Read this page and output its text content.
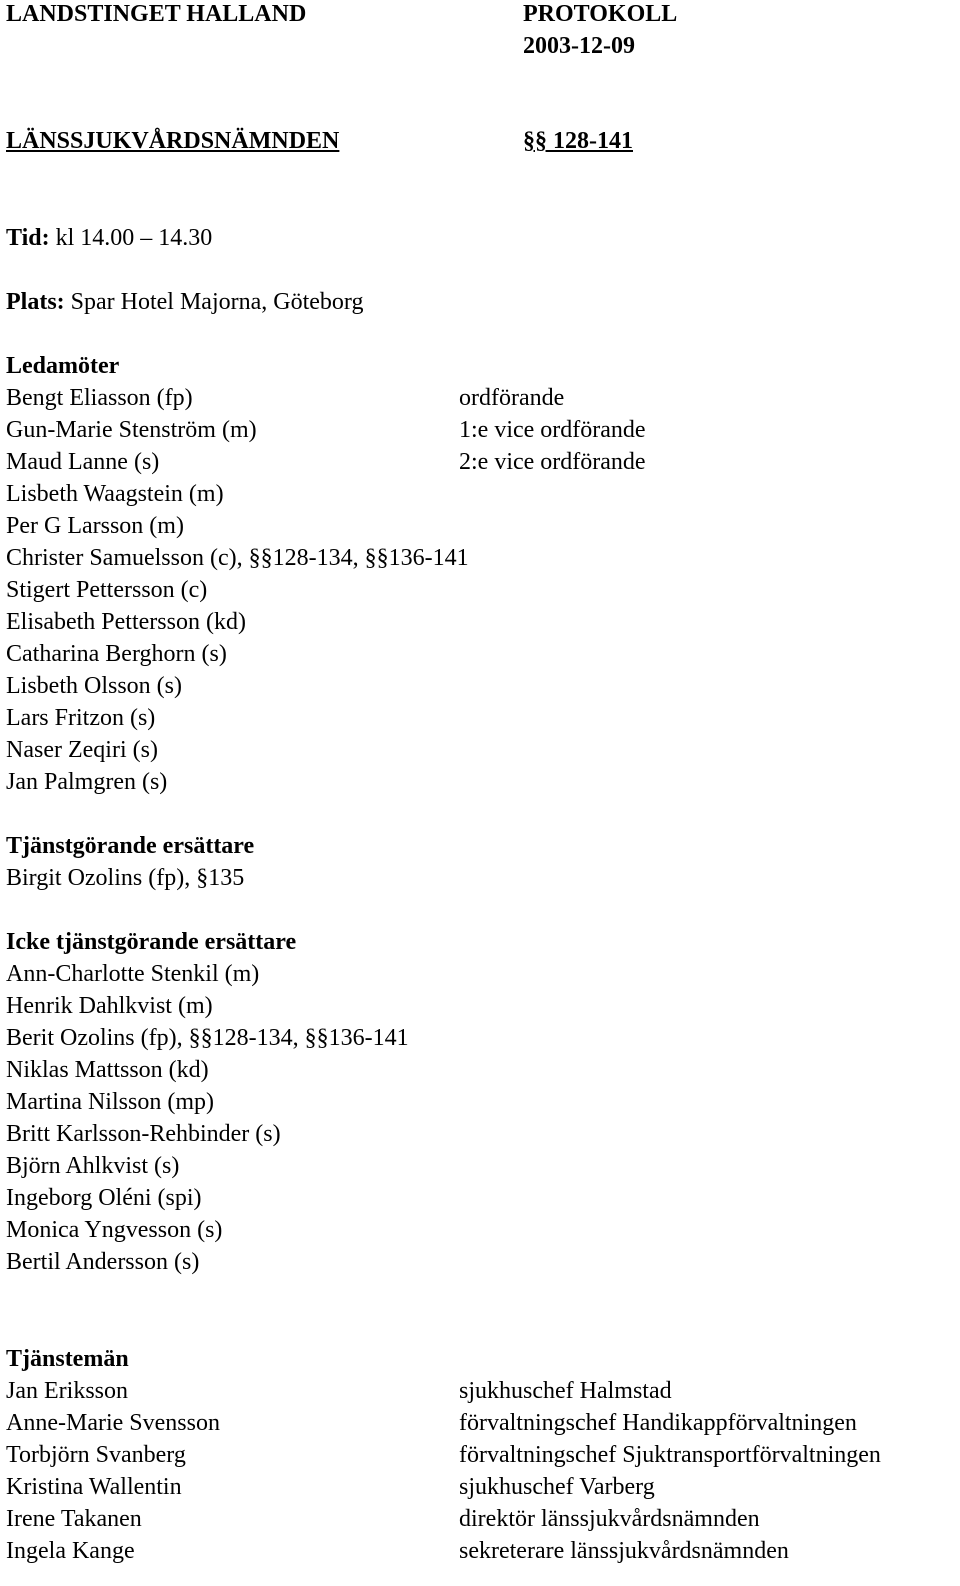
LANDSTINGET HALLAND	PROTOKOLL
2003-12-09
LÄNSSJUKVÅRDSNÄMNDEN	§§ 128-141
Tid: kl 14.00 – 14.30
Plats: Spar Hotel Majorna, Göteborg
Ledamöter
Bengt Eliasson (fp)	ordförande
Gun-Marie Stenström (m)	1:e vice ordförande
Maud Lanne (s)	2:e vice ordförande
Lisbeth Waagstein (m)
Per G Larsson (m)
Christer Samuelsson (c), §§128-134, §§136-141
Stigert Pettersson (c)
Elisabeth Pettersson (kd)
Catharina Berghorn (s)
Lisbeth Olsson (s)
Lars Fritzon (s)
Naser Zeqiri (s)
Jan Palmgren (s)
Tjänstgörande ersättare
Birgit Ozolins (fp), §135
Icke tjänstgörande ersättare
Ann-Charlotte Stenkil (m)
Henrik Dahlkvist (m)
Berit Ozolins (fp), §§128-134, §§136-141
Niklas Mattsson (kd)
Martina Nilsson (mp)
Britt Karlsson-Rehbinder (s)
Björn Ahlkvist (s)
Ingeborg Oléni (spi)
Monica Yngvesson (s)
Bertil Andersson (s)
Tjänstemän
Jan Eriksson	sjukhuschef Halmstad
Anne-Marie Svensson	förvaltningschef Handikappförvaltningen
Torbjörn Svanberg	förvaltningschef Sjuktransportförvaltningen
Kristina Wallentin	sjukhuschef Varberg
Irene Takanen	direktör länssjukvårdsnämnden
Ingela Kange	sekreterare länssjukvårdsnämnden
